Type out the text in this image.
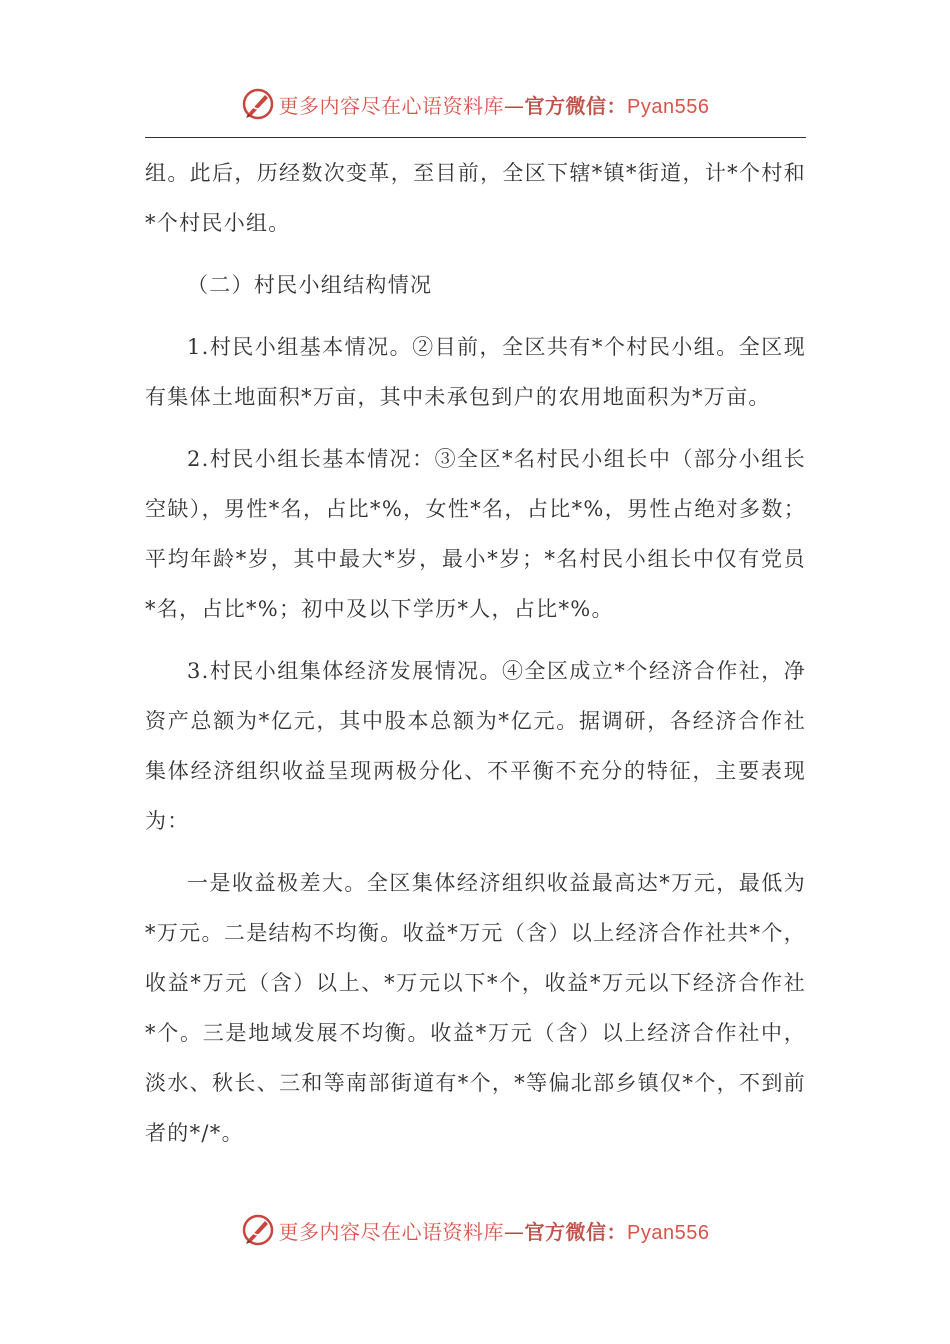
更多内容尽在心语资料库—官方微信：Pyan556

组。此后，历经数次变革，至目前，全区下辖*镇*街道，计*个村和*个村民小组。

（二）村民小组结构情况

1.村民小组基本情况。②目前，全区共有*个村民小组。全区现有集体土地面积*万亩，其中未承包到户的农用地面积为*万亩。

2.村民小组长基本情况：③全区*名村民小组长中（部分小组长空缺），男性*名，占比*%，女性*名，占比*%，男性占绝对多数；平均年龄*岁，其中最大*岁，最小*岁；*名村民小组长中仅有党员*名，占比*%；初中及以下学历*人，占比*%。

3.村民小组集体经济发展情况。④全区成立*个经济合作社，净资产总额为*亿元，其中股本总额为*亿元。据调研，各经济合作社集体经济组织收益呈现两极分化、不平衡不充分的特征，主要表现为：

一是收益极差大。全区集体经济组织收益最高达*万元，最低为*万元。二是结构不均衡。收益*万元（含）以上经济合作社共*个，收益*万元（含）以上、*万元以下*个，收益*万元以下经济合作社*个。三是地域发展不均衡。收益*万元（含）以上经济合作社中，淡水、秋长、三和等南部街道有*个，*等偏北部乡镇仅*个，不到前者的*/*。

更多内容尽在心语资料库—官方微信：Pyan556
